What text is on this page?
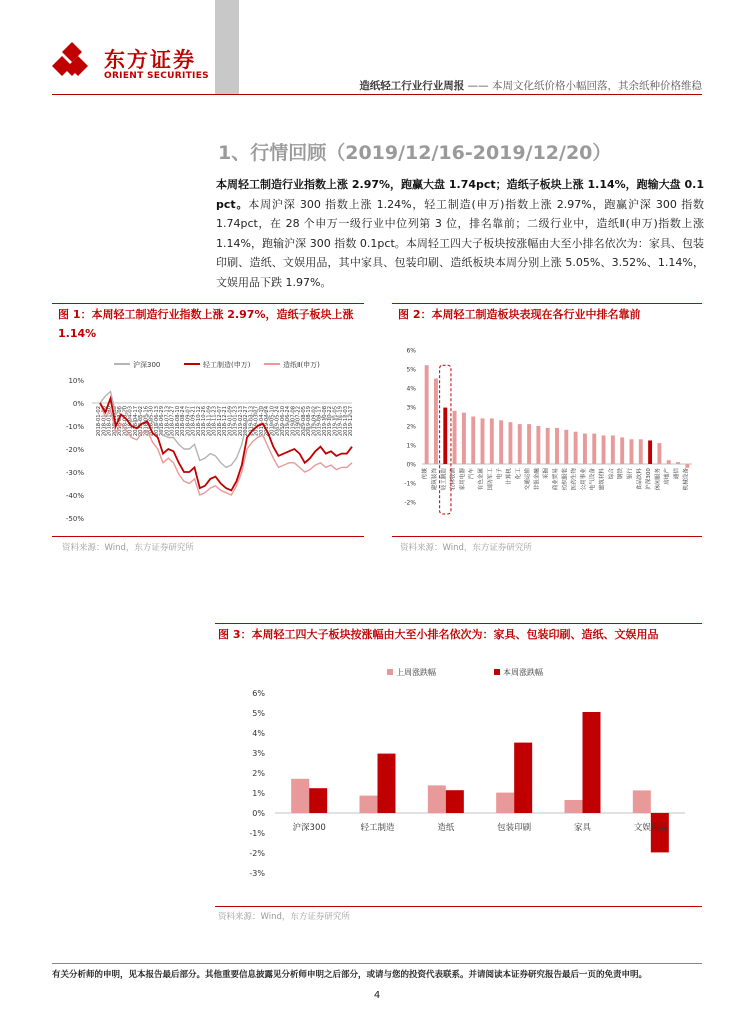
东方证券
ORIENT SECURITIES
造纸轻工行业行业周报 —— 本周文化纸价格小幅回落，其余纸种价格维稳
1、行情回顾（2019/12/16-2019/12/20）
本周轻工制造行业指数上涨 2.97%，跑赢大盘 1.74pct；造纸子板块上涨 1.14%，跑输大盘 0.1 pct。本周沪深 300 指数上涨 1.24%，轻工制造(申万)指数上涨 2.97%，跑赢沪深 300 指数 1.74pct，在 28 个申万一级行业中位列第 3 位，排名靠前；二级行业中，造纸Ⅱ(申万)指数上涨 1.14%，跑输沪深 300 指数 0.1pct。本周轻工四大子板块按涨幅由大至小排名依次为：家具、包装印刷、造纸、文娱用品，其中家具、包装印刷、造纸板块本周分别上涨 5.05%、3.52%、1.14%，文娱用品下跌 1.97%。
图 1：本周轻工制造行业指数上涨 2.97%，造纸子板块上涨 1.14%
沪深300	轻工制造(申万)	造纸Ⅱ(申万)
10%
0%
-10%
-20%
-30%
-40%
-50%
2018-01-02 2018-01-16 2018-01-30 2018-02-13 2018-03-06 2018-03-20 2018-04-03 2018-04-17 2018-05-02 2018-05-16 2018-05-30 2018-06-13 2018-06-29 2018-07-13 2018-07-27 2018-08-10 2018-08-24 2018-09-07 2018-09-21 2018-10-12 2018-10-26 2018-11-09 2018-11-23 2018-12-07 2018-12-21 2019-01-09 2019-01-23 2019-02-13 2019-02-27 2019-03-13 2019-03-27 2019-04-10 2019-04-24 2019-05-10 2019-05-24 2019-06-10 2019-06-24 2019-07-08 2019-07-22 2019-08-05 2019-08-19 2019-09-02 2019-09-17 2019-10-08 2019-10-22 2019-11-05 2019-11-19 2019-12-03 2019-12-17
资料来源：Wind，东方证券研究所
图 2：本周轻工制造板块表现在各行业中排名靠前
6%
5%
4%
3%
2%
1%
0%
-1%
-2%
传媒 建筑装饰 轻工制造 农林牧渔 家用电器 汽车 有色金属 国防军工 电子 计算机 化工 交通运输 非银金融 采掘 商业贸易 纺织服装 医药生物 公用事业 电气设备 建筑材料 综合 钢铁 银行 食品饮料 沪深300 休闲服务 房地产 通信 机械设备
资料来源：Wind，东方证券研究所
图 3：本周轻工四大子板块按涨幅由大至小排名依次为：家具、包装印刷、造纸、文娱用品
上周涨跌幅	本周涨跌幅
6%
5%
4%
3%
2%
1%
0%
-1%
-2%
-3%
沪深300	轻工制造	造纸	包装印刷	家具	文娱用品
资料来源：Wind，东方证券研究所
有关分析师的申明，见本报告最后部分。其他重要信息披露见分析师申明之后部分，或请与您的投资代表联系。并请阅读本证券研究报告最后一页的免责申明。
4
